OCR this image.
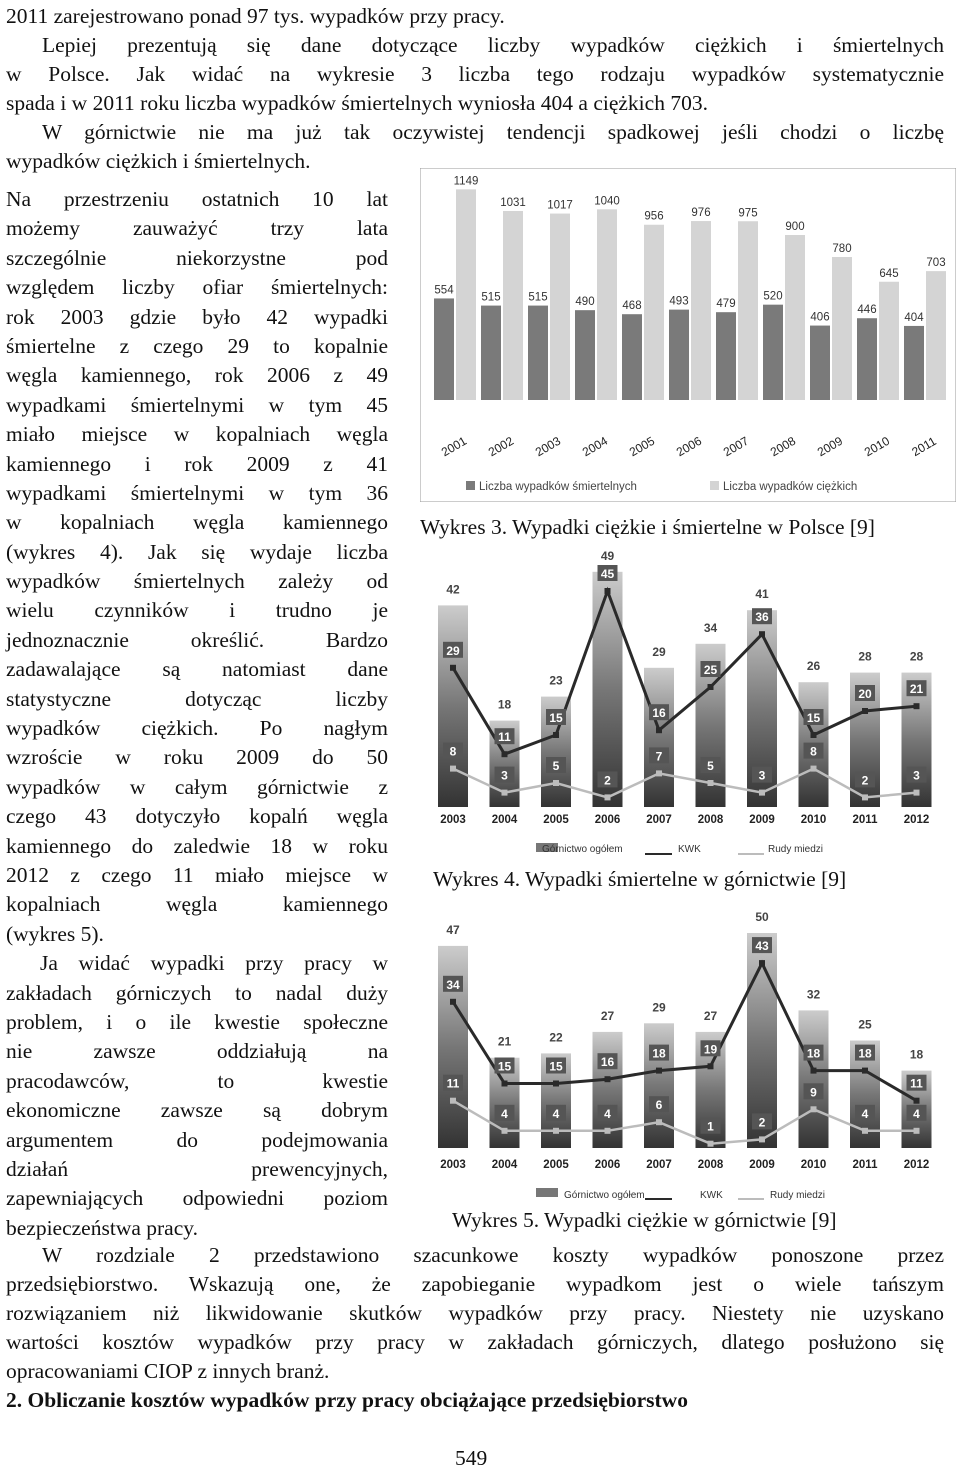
2011 zarejestrowano ponad 97 tys. wypadków przy pracy.
Lepiej prezentują się dane dotyczące liczby wypadków ciężkich i śmiertelnych
w Polsce. Jak widać na wykresie 3 liczba tego rodzaju wypadków systematycznie
spada i w 2011 roku liczba wypadków śmiertelnych wyniosła 404 a ciężkich 703.
W górnictwie nie ma już tak oczywistej tendencji spadkowej jeśli chodzi o liczbę
wypadków ciężkich i śmiertelnych.
Na przestrzeniu ostatnich 10 lat
możemy zauważyć trzy lata
szczególnie niekorzystne pod
względem liczby ofiar śmiertelnych:
rok 2003 gdzie było 42 wypadki
śmiertelne z czego 29 to kopalnie
węgla kamiennego, rok 2006 z 49
wypadkami śmiertelnymi w tym 45
miało miejsce w kopalniach węgla
kamiennego i rok 2009 z 41
wypadkami śmiertelnymi w tym 36
w kopalniach węgla kamiennego
(wykres 4). Jak się wydaje liczba
wypadków śmiertelnych zależy od
wielu czynników i trudno je
jednoznacznie określić. Bardzo
zadawalające są natomiast dane
statystyczne dotycząc liczby
wypadków ciężkich. Po nagłym
wzroście w roku 2009 do 50
wypadków w całym górnictwie z
czego 43 dotyczyło kopalń węgla
kamiennego do zaledwie 18 w roku
2012 z czego 11 miało miejsce w
kopalniach węgla kamiennego
(wykres 5).
Ja widać wypadki przy pracy w
zakładach górniczych to nadal duży
problem, i o ile kwestie społeczne
nie zawsze oddziałują na
pracodawców, to kwestie
ekonomiczne zawsze są dobrym
argumentem do podejmowania
działań prewencyjnych,
zapewniających odpowiedni poziom
bezpieczeństwa pracy.
554
1149
2001
515
1031
2002
515
1017
2003
490
1040
2004
468
956
2005
493
976
2006
479
975
2007
520
900
2008
406
780
2009
446
645
2010
404
703
2011
Liczba wypadków śmiertelnych	Liczba wypadków ciężkich
Wykres 3. Wypadki ciężkie i śmiertelne w Polsce [9]
42
2003
18
2004
23
2005
49
2006
29
2007
34
2008
41
2009
26
2010
28
2011
28
2012
29
11
15
45
16
25
36
15
20	21
8
3
5
2
7
5
3
8
2	3
Górnictwo ogółem	KWK	Rudy miedzi
Wykres 4. Wypadki śmiertelne w górnictwie [9]
47
2003
21
2004
22
2005
27
2006
29
2007
27
2008
50
2009
32
2010
25
2011
18
2012
34
15	15	16
18	19
43
18	18
11
11
4	4	4
6
1	2
9
4	4
Górnictwo ogółem	KWK	Rudy miedzi
Wykres 5. Wypadki ciężkie w górnictwie [9]
W rozdziale 2 przedstawiono szacunkowe koszty wypadków ponoszone przez
przedsiębiorstwo. Wskazują one, że zapobieganie wypadkom jest o wiele tańszym
rozwiązaniem niż likwidowanie skutków wypadków przy pracy. Niestety nie uzyskano
wartości kosztów wypadków przy pracy w zakładach górniczych, dlatego posłużono się
opracowaniami CIOP z innych branż.
2. Obliczanie kosztów wypadków przy pracy obciążające przedsiębiorstwo
549
